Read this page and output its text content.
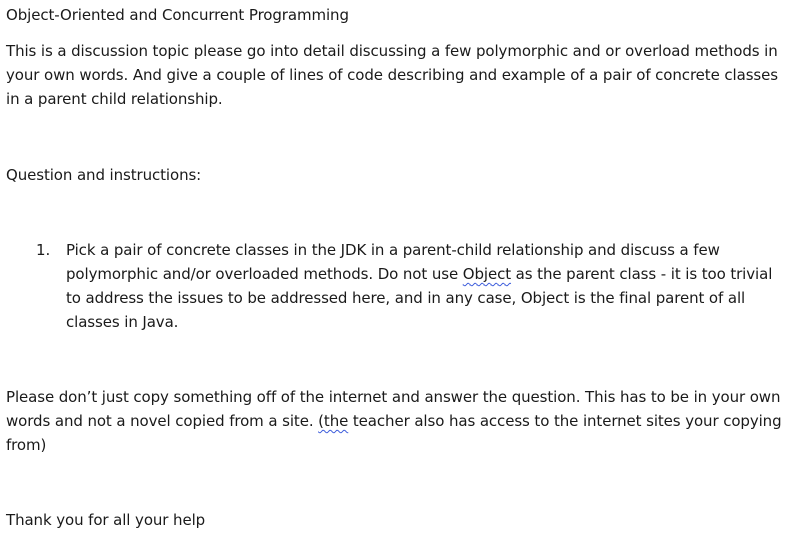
Object-Oriented and Concurrent Programming
This is a discussion topic please go into detail discussing a few polymorphic and or overload methods in
your own words. And give a couple of lines of code describing and example of a pair of concrete classes
in a parent child relationship.
Question and instructions:
1. Pick a pair of concrete classes in the JDK in a parent-child relationship and discuss a few
polymorphic and/or overloaded methods. Do not use Object as the parent class - it is too trivial
to address the issues to be addressed here, and in any case, Object is the final parent of all
classes in Java.
Please don’t just copy something off of the internet and answer the question. This has to be in your own
words and not a novel copied from a site. (the teacher also has access to the internet sites your copying
from)
Thank you for all your help
